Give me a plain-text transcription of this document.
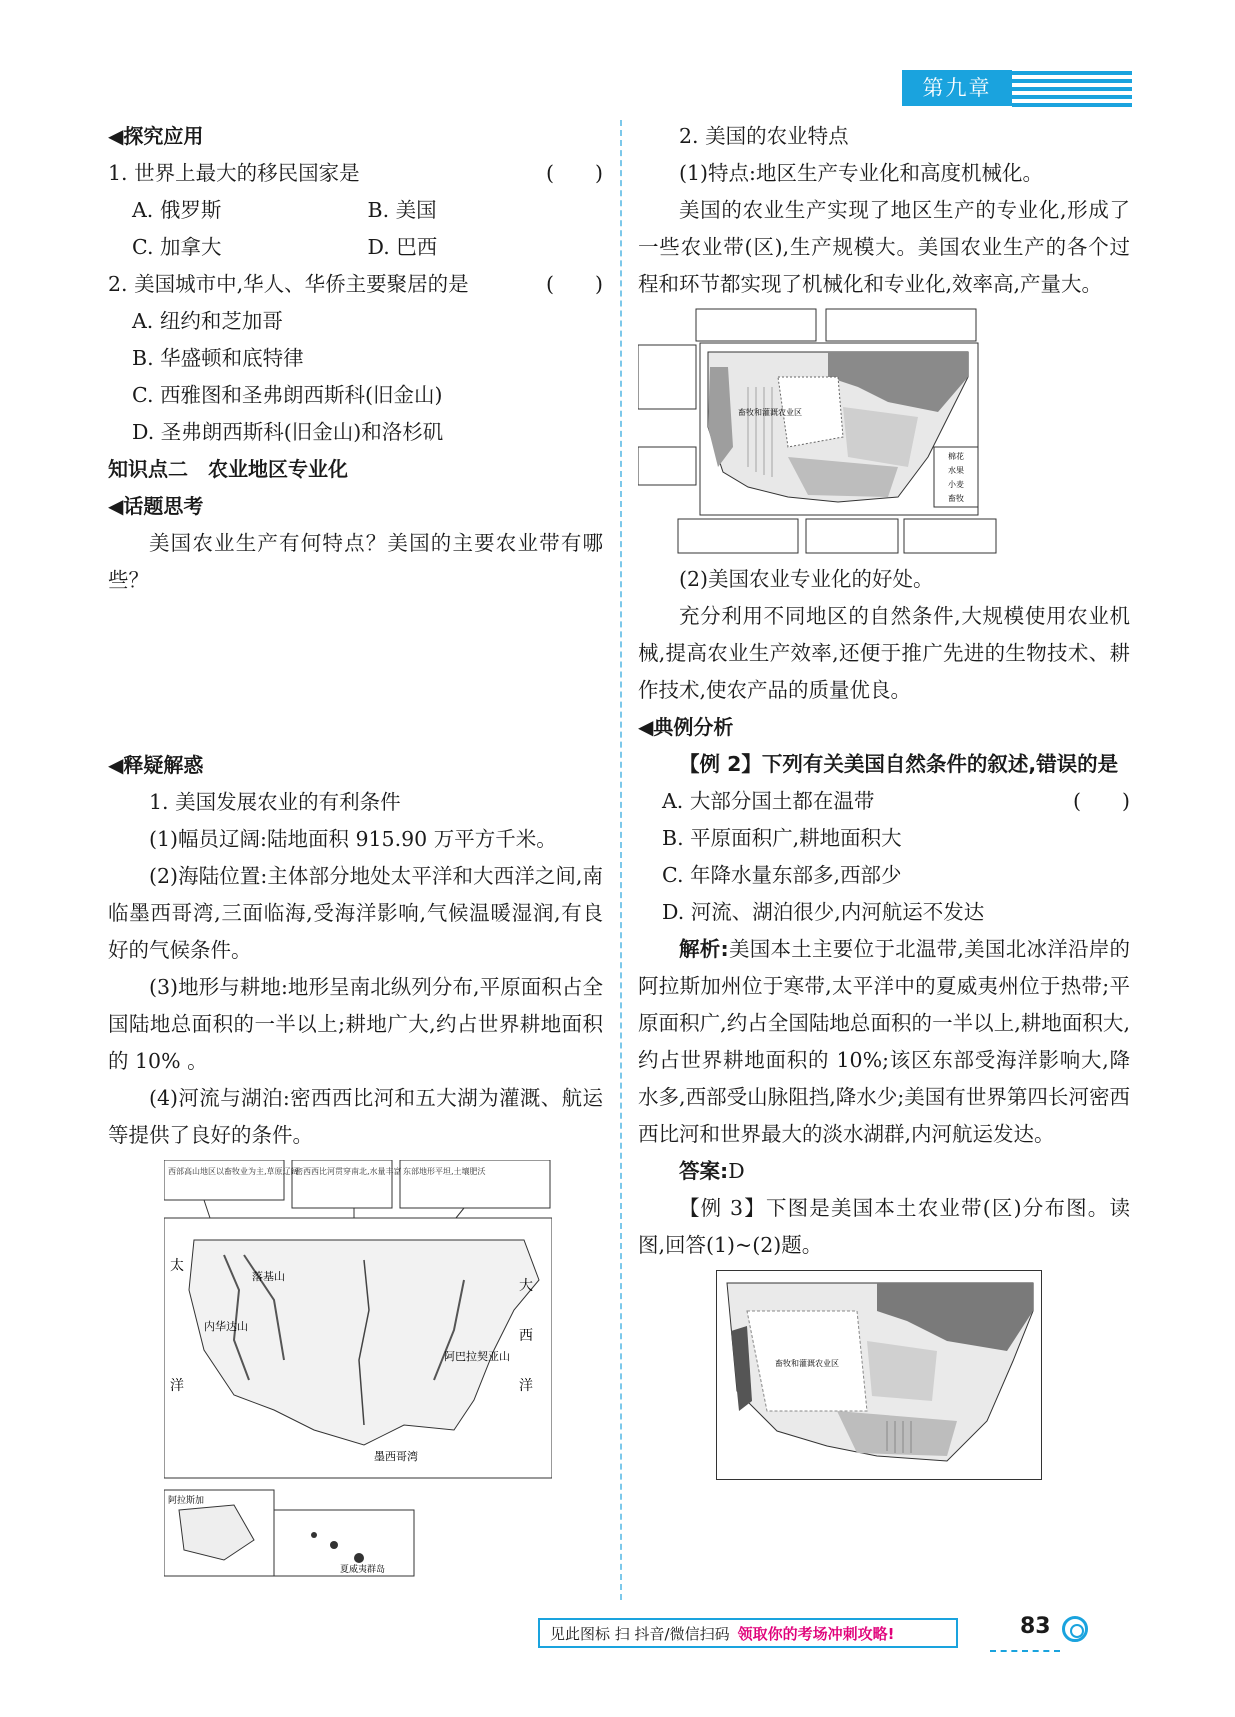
第九章

◀探究应用

1. 世界上最大的移民国家是	(　　)
A. 俄罗斯	B. 美国
C. 加拿大	D. 巴西
2. 美国城市中,华人、华侨主要聚居的是	(　　)

A. 纽约和芝加哥

B. 华盛顿和底特律

C. 西雅图和圣弗朗西斯科(旧金山)

D. 圣弗朗西斯科(旧金山)和洛杉矶

知识点二　农业地区专业化

◀话题思考

美国农业生产有何特点？美国的主要农业带有哪些？

◀释疑解惑

1. 美国发展农业的有利条件

(1)幅员辽阔:陆地面积 915.90 万平方千米。

(2)海陆位置:主体部分地处太平洋和大西洋之间,南临墨西哥湾,三面临海,受海洋影响,气候温暖湿润,有良好的气候条件。

(3)地形与耕地:地形呈南北纵列分布,平原面积占全国陆地总面积的一半以上;耕地广大,约占世界耕地面积的 10% 。

(4)河流与湖泊:密西西比河和五大湖为灌溉、航运等提供了良好的条件。

西部高山地区以畜牧业为主,草原辽阔
密西西比河贯穿南北,水量丰富 东部地形平坦,土壤肥沃
太
洋
落基山
内华达山
阿巴拉契亚山
大
西
洋
墨西哥湾
阿拉斯加
夏威夷群岛

2. 美国的农业特点

(1)特点:地区生产专业化和高度机械化。

美国的农业生产实现了地区生产的专业化,形成了一些农业带(区),生产规模大。美国农业生产的各个过程和环节都实现了机械化和专业化,效率高,产量大。

畜牧和灌溉农业区
棉花
水果
小麦
畜牧

(2)美国农业专业化的好处。

充分利用不同地区的自然条件,大规模使用农业机械,提高农业生产效率,还便于推广先进的生物技术、耕作技术,使农产品的质量优良。

◀典例分析

【例 2】下列有关美国自然条件的叙述,错误的是
(　　)

A. 大部分国土都在温带

B. 平原面积广,耕地面积大

C. 年降水量东部多,西部少

D. 河流、湖泊很少,内河航运不发达

解析:美国本土主要位于北温带,美国北冰洋沿岸的阿拉斯加州位于寒带,太平洋中的夏威夷州位于热带;平原面积广,约占全国陆地总面积的一半以上,耕地面积大,约占世界耕地面积的 10%;该区东部受海洋影响大,降水多,西部受山脉阻挡,降水少;美国有世界第四长河密西西比河和世界最大的淡水湖群,内河航运发达。

答案:D

【例 3】下图是美国本土农业带(区)分布图。读图,回答(1)~(2)题。

畜牧和灌溉农业区
见此图标 扫 抖音/微信扫码 领取你的考场冲刺攻略!	83
